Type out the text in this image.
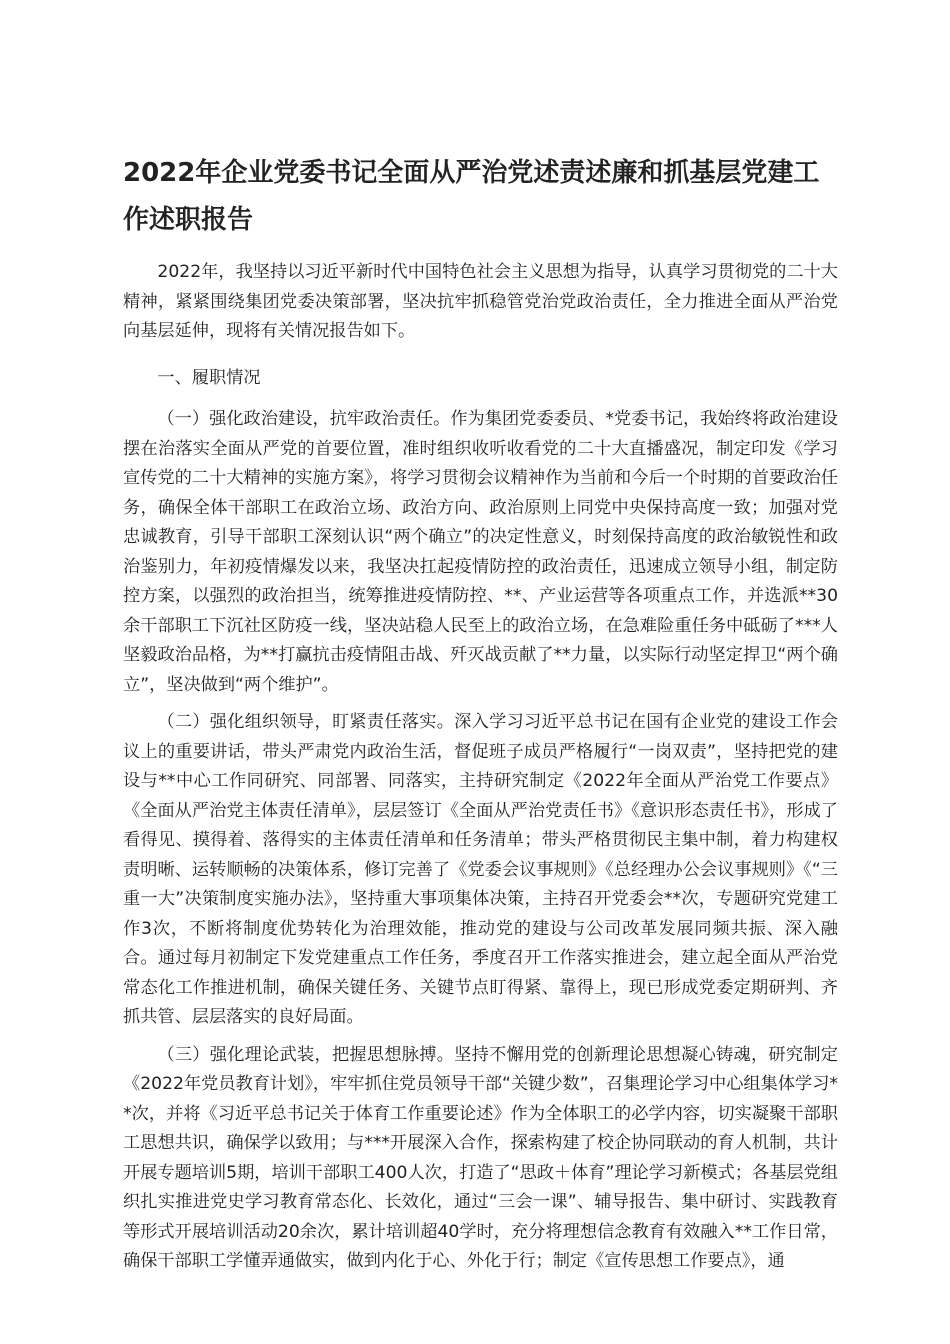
2022年企业党委书记全面从严治党述责述廉和抓基层党建工作述职报告

2022年，我坚持以习近平新时代中国特色社会主义思想为指导，认真学习贯彻党的二十大精神，紧紧围绕集团党委决策部署，坚决抗牢抓稳管党治党政治责任，全力推进全面从严治党向基层延伸，现将有关情况报告如下。

一、履职情况

（一）强化政治建设，抗牢政治责任。作为集团党委委员、*党委书记，我始终将政治建设摆在治落实全面从严党的首要位置，准时组织收听收看党的二十大直播盛况，制定印发《学习宣传党的二十大精神的实施方案》，将学习贯彻会议精神作为当前和今后一个时期的首要政治任务，确保全体干部职工在政治立场、政治方向、政治原则上同党中央保持高度一致；加强对党忠诚教育，引导干部职工深刻认识“两个确立”的决定性意义，时刻保持高度的政治敏锐性和政治鉴别力，年初疫情爆发以来，我坚决扛起疫情防控的政治责任，迅速成立领导小组，制定防控方案，以强烈的政治担当，统筹推进疫情防控、**、产业运营等各项重点工作，并选派**30余干部职工下沉社区防疫一线，坚决站稳人民至上的政治立场，在急难险重任务中砥砺了***人坚毅政治品格，为**打赢抗击疫情阻击战、歼灭战贡献了**力量，以实际行动坚定捍卫“两个确立”，坚决做到“两个维护”。

（二）强化组织领导，盯紧责任落实。深入学习习近平总书记在国有企业党的建设工作会议上的重要讲话，带头严肃党内政治生活，督促班子成员严格履行“一岗双责”，坚持把党的建设与**中心工作同研究、同部署、同落实，主持研究制定《2022年全面从严治党工作要点》《全面从严治党主体责任清单》，层层签订《全面从严治党责任书》《意识形态责任书》，形成了看得见、摸得着、落得实的主体责任清单和任务清单；带头严格贯彻民主集中制，着力构建权责明晰、运转顺畅的决策体系，修订完善了《党委会议事规则》《总经理办公会议事规则》《“三重一大”决策制度实施办法》，坚持重大事项集体决策，主持召开党委会**次，专题研究党建工作3次，不断将制度优势转化为治理效能，推动党的建设与公司改革发展同频共振、深入融合。通过每月初制定下发党建重点工作任务，季度召开工作落实推进会，建立起全面从严治党常态化工作推进机制，确保关键任务、关键节点盯得紧、靠得上，现已形成党委定期研判、齐抓共管、层层落实的良好局面。

（三）强化理论武装，把握思想脉搏。坚持不懈用党的创新理论思想凝心铸魂，研究制定《2022年党员教育计划》，牢牢抓住党员领导干部“关键少数”，召集理论学习中心组集体学习**次，并将《习近平总书记关于体育工作重要论述》作为全体职工的必学内容，切实凝聚干部职工思想共识，确保学以致用；与***开展深入合作，探索构建了校企协同联动的育人机制，共计开展专题培训5期，培训干部职工400人次，打造了“思政＋体育”理论学习新模式；各基层党组织扎实推进党史学习教育常态化、长效化，通过“三会一课”、辅导报告、集中研讨、实践教育等形式开展培训活动20余次，累计培训超40学时，充分将理想信念教育有效融入**工作日常，确保干部职工学懂弄通做实，做到内化于心、外化于行；制定《宣传思想工作要点》，通
